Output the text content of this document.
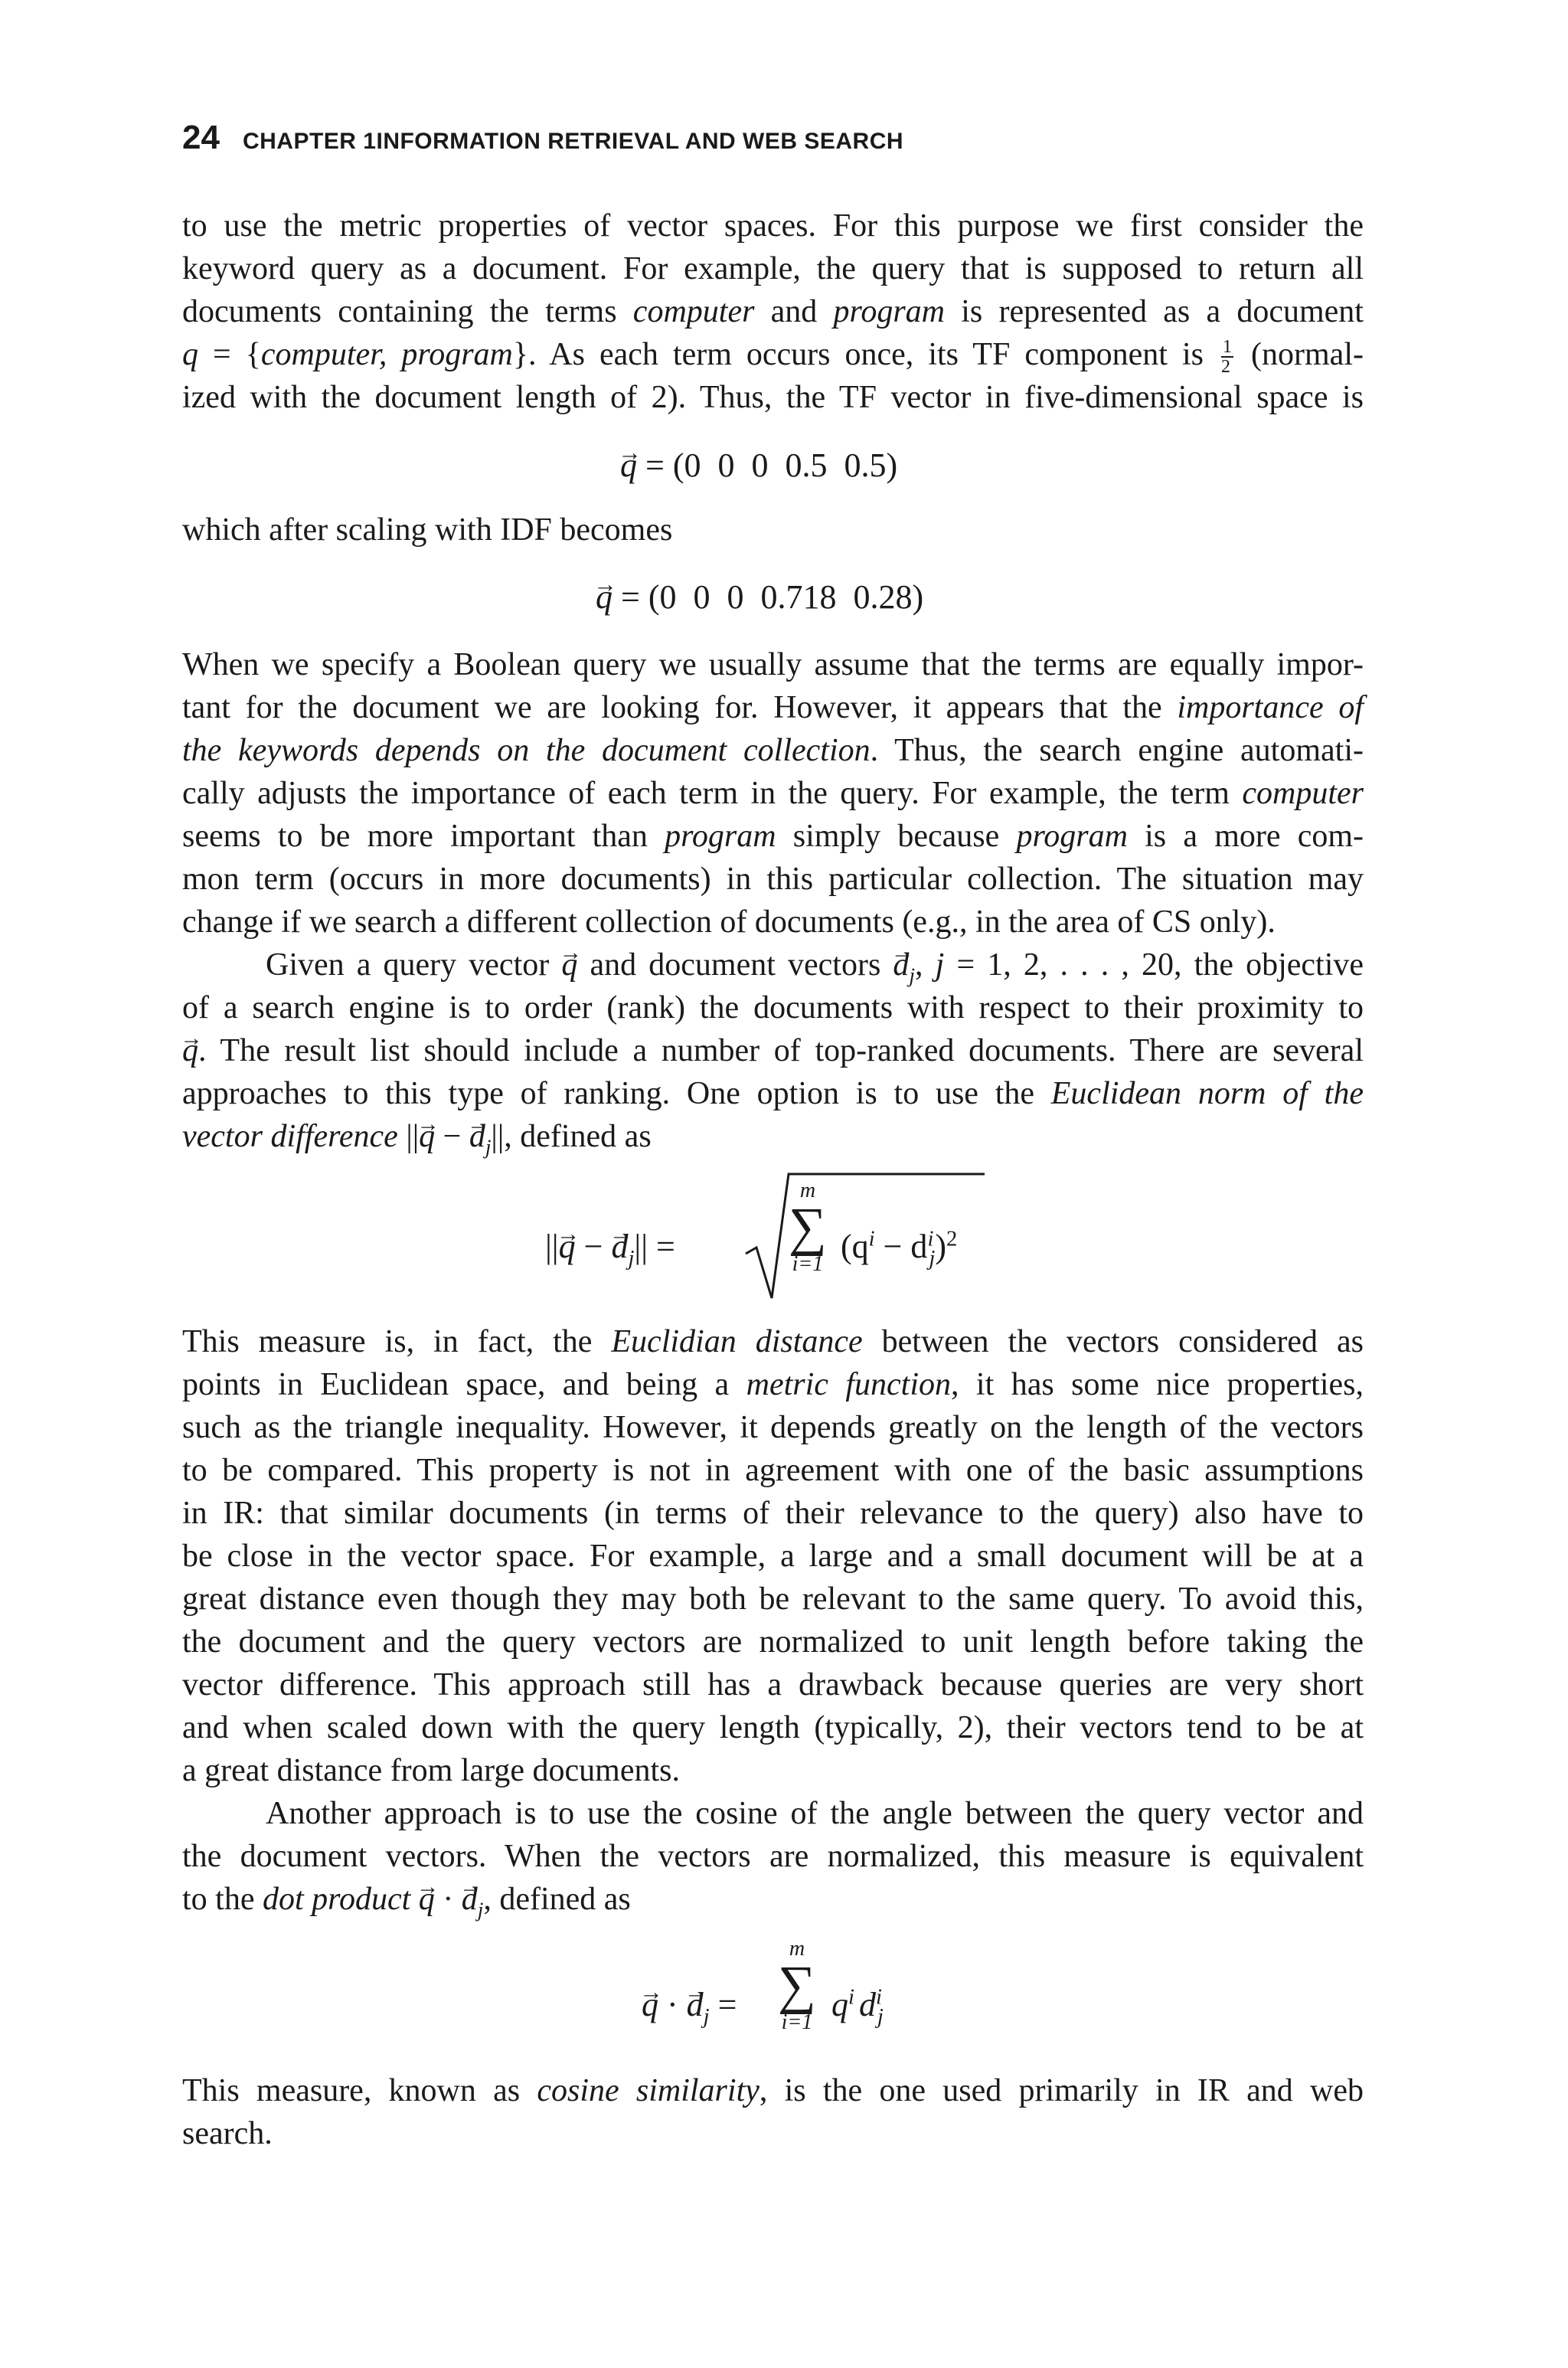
24 CHAPTER 1INFORMATION RETRIEVAL AND WEB SEARCH
to use the metric properties of vector spaces. For this purpose we first consider the
keyword query as a document. For example, the query that is supposed to return all
documents containing the terms computer and program is represented as a document
q = {computer, program}. As each term occurs once, its TF component is $\frac{1}{2}$ (normal-
ized with the document length of 2). Thus, the TF vector in five-dimensional space is
→ q = (0  0  0  0.5  0.5)
which after scaling with IDF becomes
→ q = (0  0  0  0.718  0.28)
When we specify a Boolean query we usually assume that the terms are equally impor-
tant for the document we are looking for. However, it appears that the importance of
the keywords depends on the document collection. Thus, the search engine automati-
cally adjusts the importance of each term in the query. For example, the term computer
seems to be more important than program simply because program is a more com-
mon term (occurs in more documents) in this particular collection. The situation may
change if we search a different collection of documents (e.g., in the area of CS only).
Given a query vector → q and document vectors → $d_j$, j = 1, 2, . . . , 20, the objective
of a search engine is to order (rank) the documents with respect to their proximity to
→ q. The result list should include a number of top-ranked documents. There are several
approaches to this type of ranking. One option is to use the Euclidean norm of the
vector difference ||→ q − → $d_j||$, defined as
||→ q − → $d_j||$ =
m
∑
i=1 $(q^i - d^i_j)^2$
This measure is, in fact, the Euclidian distance between the vectors considered as
points in Euclidean space, and being a metric function, it has some nice properties,
such as the triangle inequality. However, it depends greatly on the length of the vectors
to be compared. This property is not in agreement with one of the basic assumptions
in IR: that similar documents (in terms of their relevance to the query) also have to
be close in the vector space. For example, a large and a small document will be at a
great distance even though they may both be relevant to the same query. To avoid this,
the document and the query vectors are normalized to unit length before taking the
vector difference. This approach still has a drawback because queries are very short
and when scaled down with the query length (typically, 2), their vectors tend to be at
a great distance from large documents.
Another approach is to use the cosine of the angle between the query vector and
the document vectors. When the vectors are normalized, this measure is equivalent
to the dot product → q · → $d_j$, defined as
→ q · → $d_j$ =
m
∑
i=1 $q^i$ $d^i_j$
This measure, known as cosine similarity, is the one used primarily in IR and web
search.
